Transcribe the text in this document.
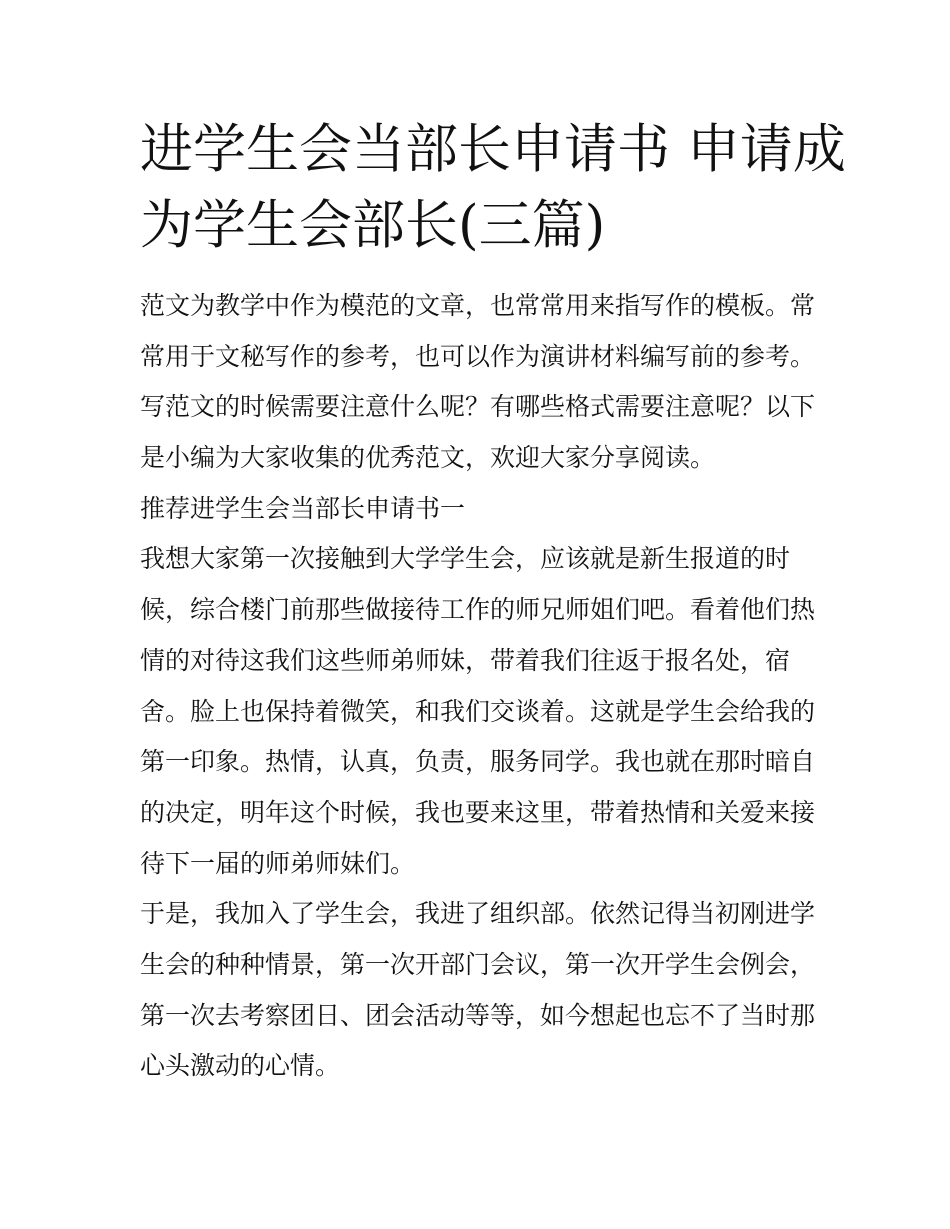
进学生会当部长申请书 申请成
为学生会部长(三篇)
范文为教学中作为模范的文章，也常常用来指写作的模板。常
常用于文秘写作的参考，也可以作为演讲材料编写前的参考。
写范文的时候需要注意什么呢？有哪些格式需要注意呢？以下
是小编为大家收集的优秀范文，欢迎大家分享阅读。
推荐进学生会当部长申请书一
我想大家第一次接触到大学学生会，应该就是新生报道的时
候，综合楼门前那些做接待工作的师兄师姐们吧。看着他们热
情的对待这我们这些师弟师妹，带着我们往返于报名处，宿
舍。脸上也保持着微笑，和我们交谈着。这就是学生会给我的
第一印象。热情，认真，负责，服务同学。我也就在那时暗自
的决定，明年这个时候，我也要来这里，带着热情和关爱来接
待下一届的师弟师妹们。
于是，我加入了学生会，我进了组织部。依然记得当初刚进学
生会的种种情景，第一次开部门会议，第一次开学生会例会，
第一次去考察团日、团会活动等等，如今想起也忘不了当时那
心头激动的心情。
